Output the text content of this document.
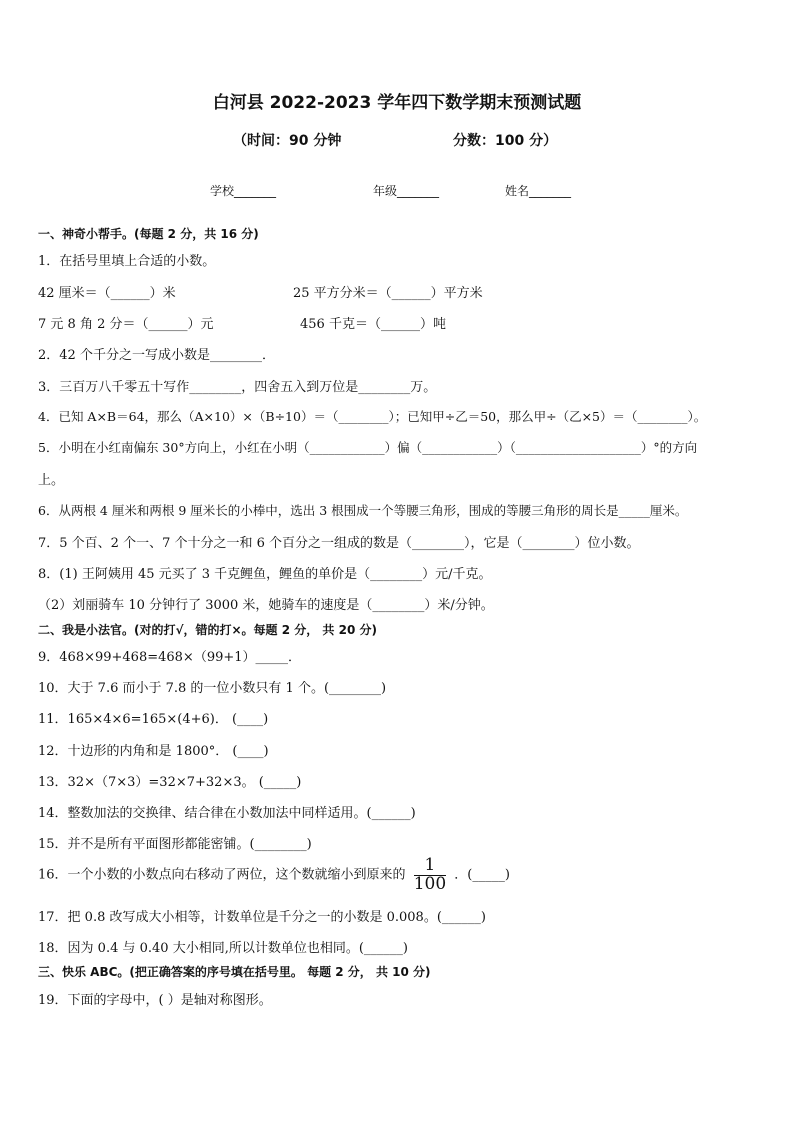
白河县 2022-2023 学年四下数学期末预测试题
（时间：90 分钟	分数：100 分）
学校_______	年级_______	姓名_______
一、神奇小帮手。(每题 2 分，共 16 分)
1．在括号里填上合适的小数。
42 厘米＝（______）米	25 平方分米＝（______）平方米
7 元 8 角 2 分＝（______）元	456 千克＝（______）吨
2．42 个千分之一写成小数是________．
3．三百万八千零五十写作________，四舍五入到万位是________万。
4．已知 A×B＝64，那么（A×10）×（B÷10）＝（________）；已知甲÷乙＝50，那么甲÷（乙×5）＝（________）。
5．小明在小红南偏东 30°方向上，小红在小明（____________）偏（____________）（____________________）°的方向
上。
6．从两根 4 厘米和两根 9 厘米长的小棒中，选出 3 根围成一个等腰三角形，围成的等腰三角形的周长是_____厘米。
7．5 个百、2 个一、7 个十分之一和 6 个百分之一组成的数是（________），它是（________）位小数。
8．(1) 王阿姨用 45 元买了 3 千克鲤鱼，鲤鱼的单价是（________）元/千克。
（2）刘丽骑车 10 分钟行了 3000 米，她骑车的速度是（________）米/分钟。
二、我是小法官。(对的打√，错的打×。每题 2 分， 共 20 分)
9．468×99+468=468×（99+1）_____．
10．大于 7.6 而小于 7.8 的一位小数只有 1 个。(________)
11．165×4×6=165×(4+6)． (____)
12．十边形的内角和是 1800°． (____)
13．32×（7×3）=32×7+32×3。 (_____)
14．整数加法的交换律、结合律在小数加法中同样适用。(______)
15．并不是所有平面图形都能密铺。(________)
16．一个小数的小数点向右移动了两位，这个数就缩小到原来的 $\frac{1}{100}$ ．(_____)
17．把 0.8 改写成大小相等，计数单位是千分之一的小数是 0.008。(______)
18．因为 0.4 与 0.40 大小相同,所以计数单位也相同。(______)
三、快乐 ABC。(把正确答案的序号填在括号里。 每题 2 分， 共 10 分)
19．下面的字母中，( ）是轴对称图形。
